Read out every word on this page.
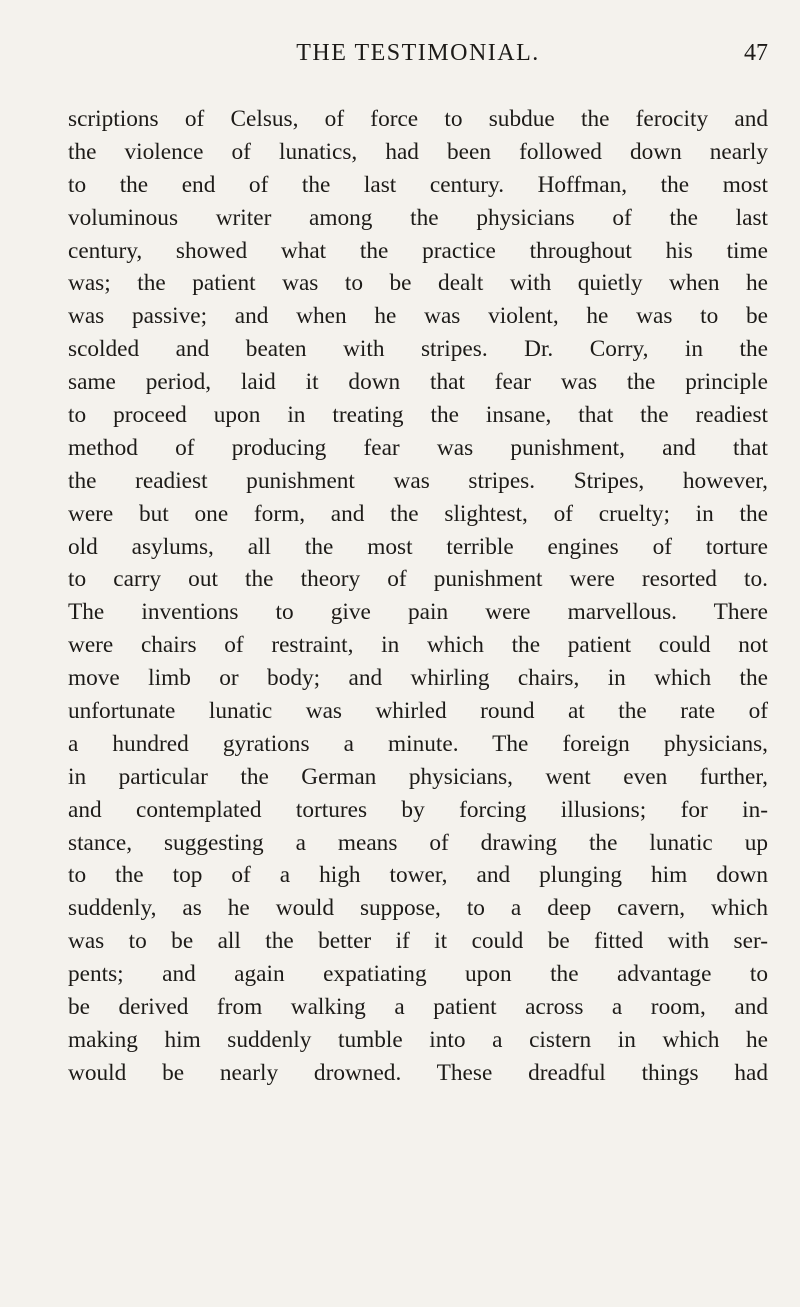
THE TESTIMONIAL.	47
scriptions of Celsus, of force to subdue the ferocity and
the violence of lunatics, had been followed down nearly
to the end of the last century. Hoffman, the most
voluminous writer among the physicians of the last
century, showed what the practice throughout his time
was; the patient was to be dealt with quietly when he
was passive; and when he was violent, he was to be
scolded and beaten with stripes. Dr. Corry, in the
same period, laid it down that fear was the principle
to proceed upon in treating the insane, that the readiest
method of producing fear was punishment, and that
the readiest punishment was stripes. Stripes, however,
were but one form, and the slightest, of cruelty; in the
old asylums, all the most terrible engines of torture
to carry out the theory of punishment were resorted to.
The inventions to give pain were marvellous. There
were chairs of restraint, in which the patient could not
move limb or body; and whirling chairs, in which the
unfortunate lunatic was whirled round at the rate of
a hundred gyrations a minute. The foreign physicians,
in particular the German physicians, went even further,
and contemplated tortures by forcing illusions; for in-
stance, suggesting a means of drawing the lunatic up
to the top of a high tower, and plunging him down
suddenly, as he would suppose, to a deep cavern, which
was to be all the better if it could be fitted with ser-
pents; and again expatiating upon the advantage to
be derived from walking a patient across a room, and
making him suddenly tumble into a cistern in which he
would be nearly drowned. These dreadful things had
